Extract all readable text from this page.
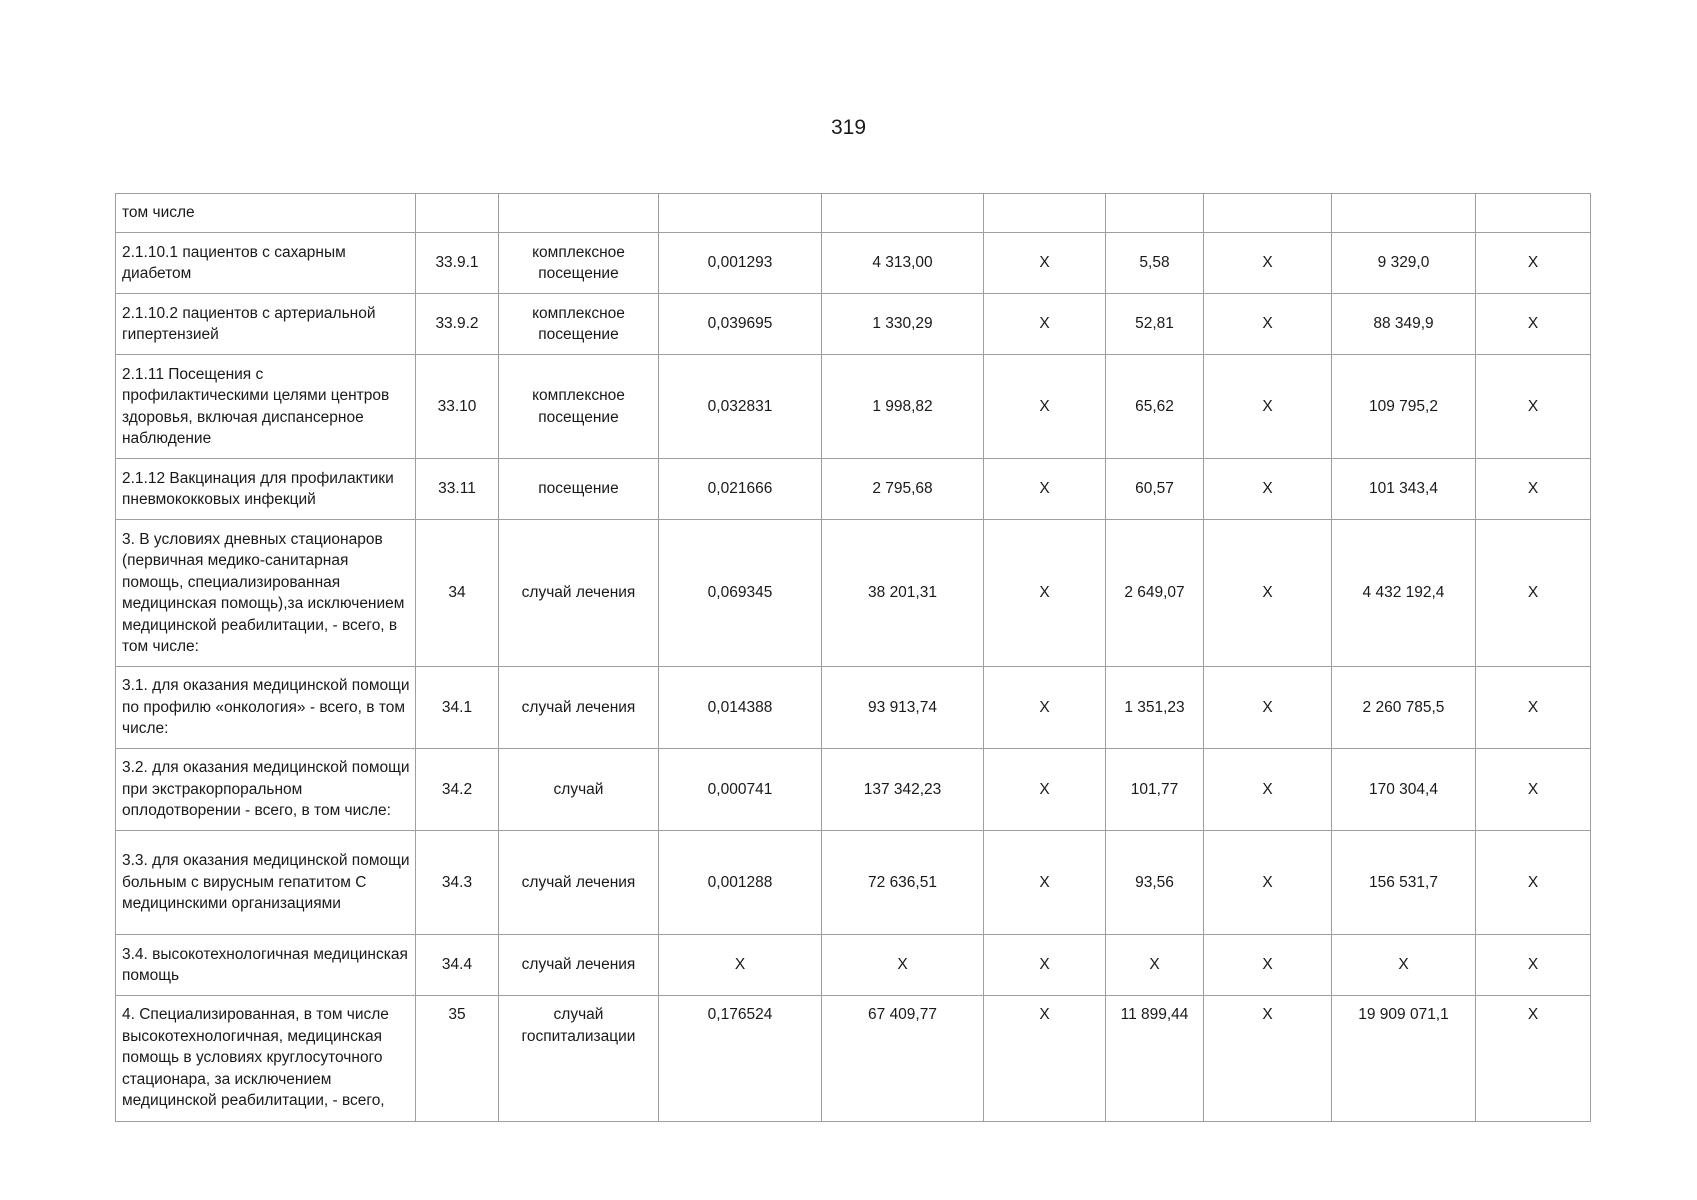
319
том числе									
2.1.10.1 пациентов с сахарным диабетом	33.9.1	комплексное посещение	0,001293	4 313,00	X	5,58	X	9 329,0	X
2.1.10.2 пациентов с артериальной гипертензией	33.9.2	комплексное посещение	0,039695	1 330,29	X	52,81	X	88 349,9	X
2.1.11 Посещения с профилактическими целями центров здоровья, включая диспансерное наблюдение	33.10	комплексное посещение	0,032831	1 998,82	X	65,62	X	109 795,2	X
2.1.12 Вакцинация для профилактики пневмококковых инфекций	33.11	посещение	0,021666	2 795,68	X	60,57	X	101 343,4	X
3. В условиях дневных стационаров (первичная медико-санитарная помощь, специализированная медицинская помощь),за исключением медицинской реабилитации, - всего, в том числе:	34	случай лечения	0,069345	38 201,31	X	2 649,07	X	4 432 192,4	X
3.1. для оказания медицинской помощи по профилю «онкология» - всего, в том числе:	34.1	случай лечения	0,014388	93 913,74	X	1 351,23	X	2 260 785,5	X
3.2. для оказания медицинской помощи при экстракорпоральном оплодотворении - всего, в том числе:	34.2	случай	0,000741	137 342,23	X	101,77	X	170 304,4	X
3.3. для оказания медицинской помощи больным с вирусным гепатитом С медицинскими организациями	34.3	случай лечения	0,001288	72 636,51	X	93,56	X	156 531,7	X
3.4. высокотехнологичная медицинская помощь	34.4	случай лечения	X	X	X	X	X	X	X
4. Специализированная, в том числе высокотехнологичная, медицинская помощь в условиях круглосуточного стационара, за исключением медицинской реабилитации, - всего,	35	случай госпитализации	0,176524	67 409,77	X	11 899,44	X	19 909 071,1	X
